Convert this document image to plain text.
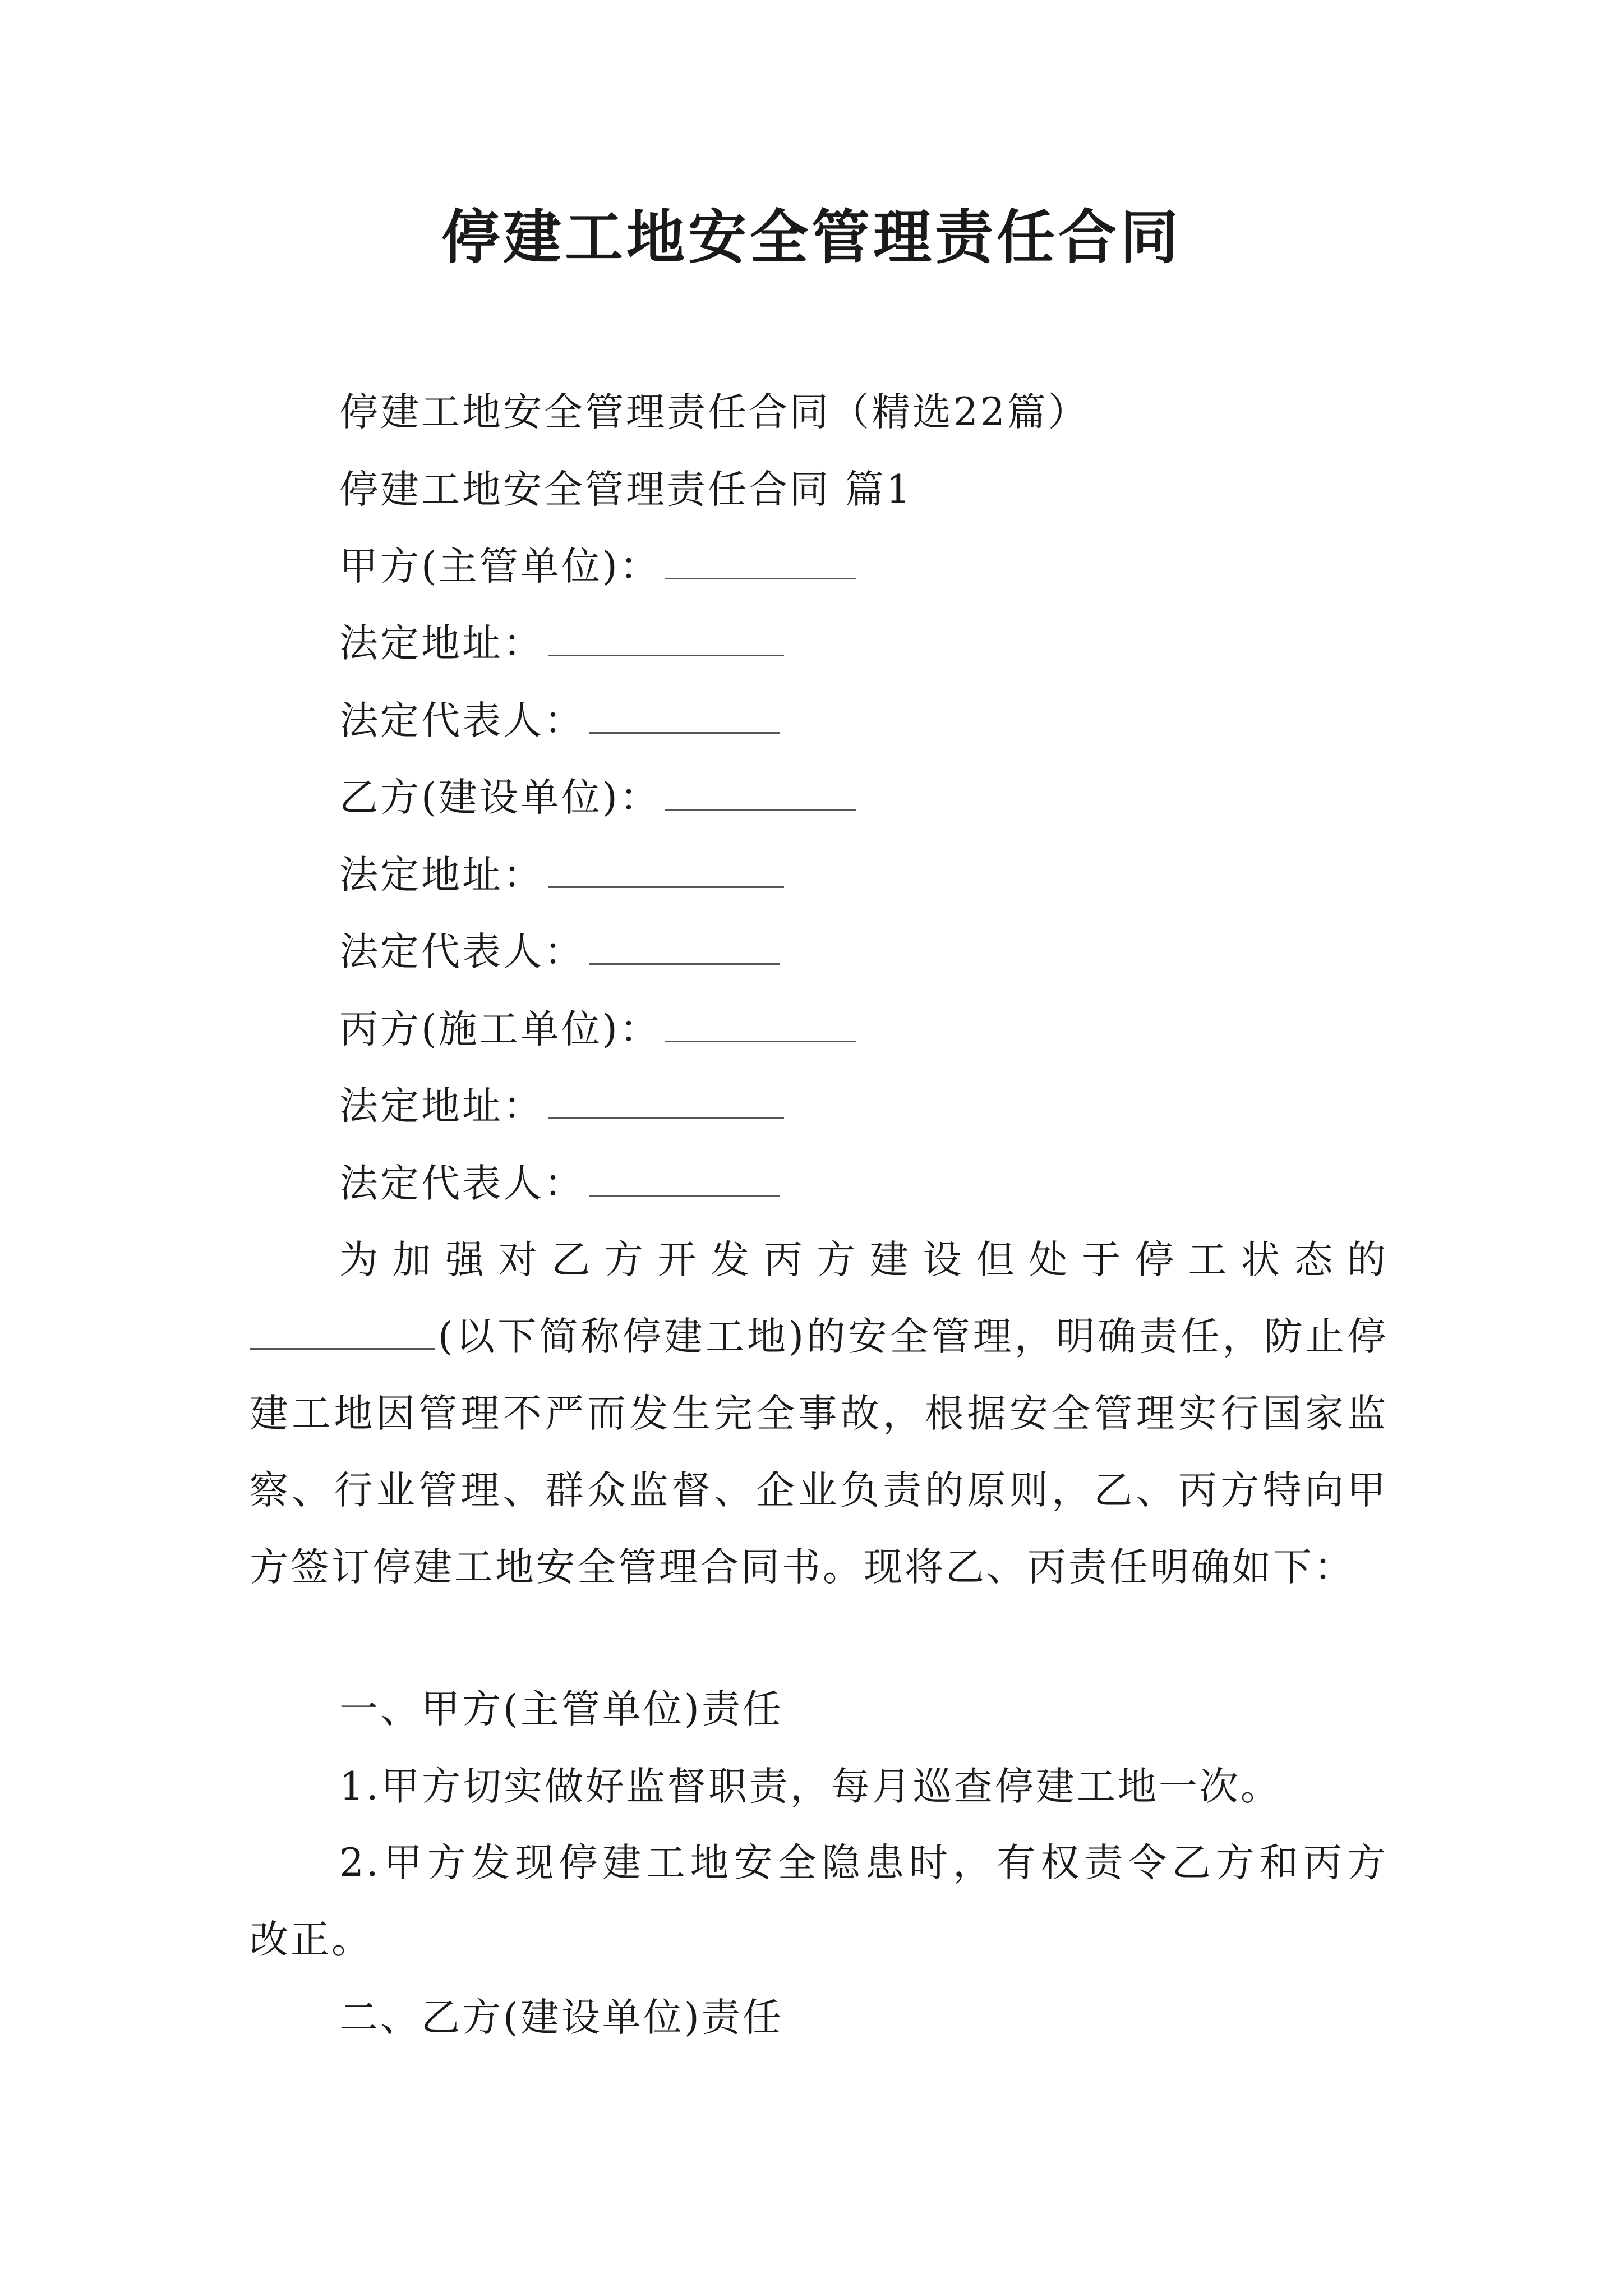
停建工地安全管理责任合同
停建工地安全管理责任合同（精选22篇）
停建工地安全管理责任合同 篇1
甲方(主管单位)：
法定地址：
法定代表人：
乙方(建设单位)：
法定地址：
法定代表人：
丙方(施工单位)：
法定地址：
法定代表人：
为加强对乙方开发丙方建设但处于停工状态的
(以下简称停建工地)的安全管理，明确责任，防止停建工地因管理不严而发生完全事故，根据安全管理实行国家监察、行业管理、群众监督、企业负责的原则，乙、丙方特向甲方签订停建工地安全管理合同书。现将乙、丙责任明确如下：
一、甲方(主管单位)责任
1.甲方切实做好监督职责，每月巡查停建工地一次。
2.甲方发现停建工地安全隐患时，有权责令乙方和丙方
改正。
二、乙方(建设单位)责任
